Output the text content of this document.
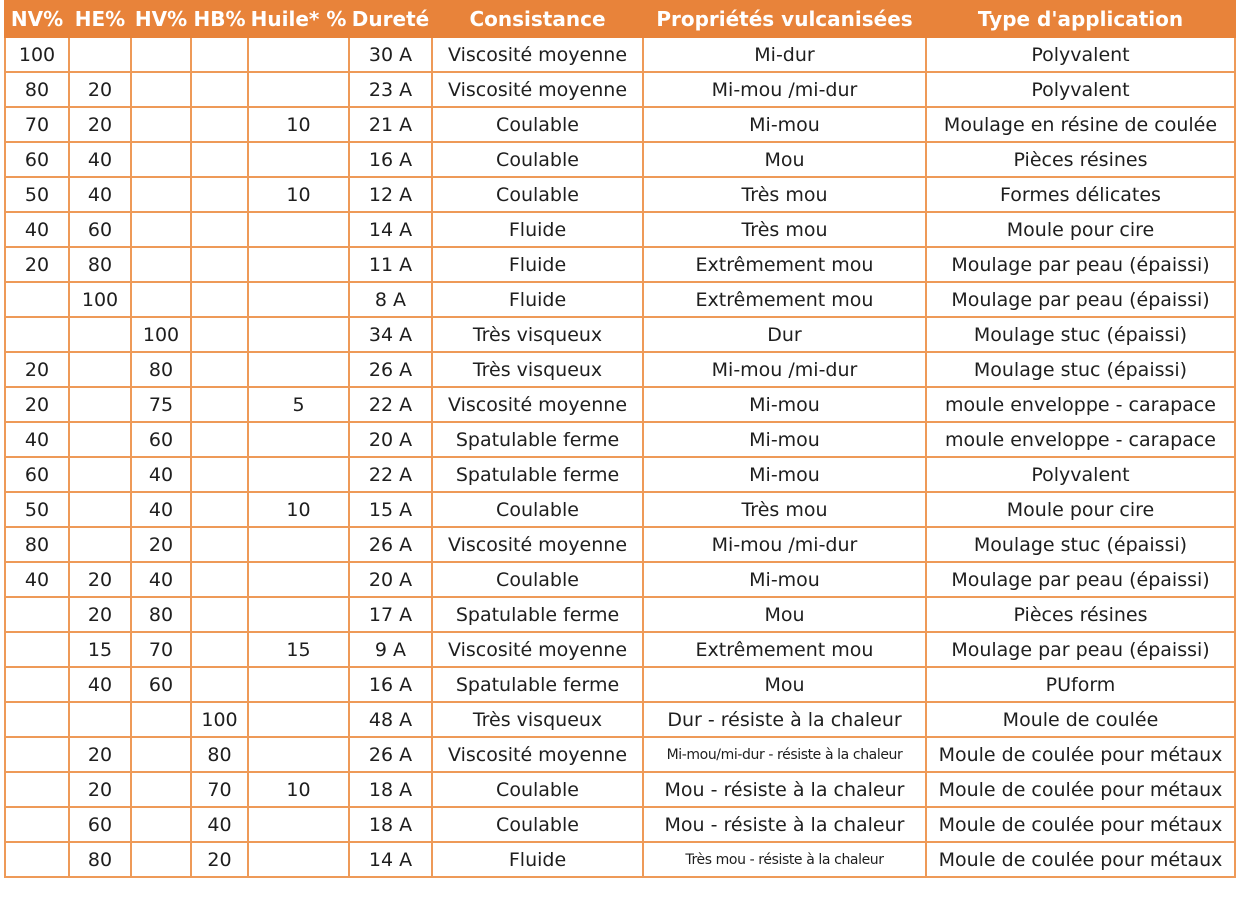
NV%	HE%	HV%	HB%	Huile* %	Dureté	Consistance	Propriétés vulcanisées	Type d'application
100					30 A	Viscosité moyenne	Mi-dur	Polyvalent
80	20				23 A	Viscosité moyenne	Mi-mou /mi-dur	Polyvalent
70	20			10	21 A	Coulable	Mi-mou	Moulage en résine de coulée
60	40				16 A	Coulable	Mou	Pièces résines
50	40			10	12 A	Coulable	Très mou	Formes délicates
40	60				14 A	Fluide	Très mou	Moule pour cire
20	80				11 A	Fluide	Extrêmement mou	Moulage par peau (épaissi)
	100				8 A	Fluide	Extrêmement mou	Moulage par peau (épaissi)
		100			34 A	Très visqueux	Dur	Moulage stuc (épaissi)
20		80			26 A	Très visqueux	Mi-mou /mi-dur	Moulage stuc (épaissi)
20		75		5	22 A	Viscosité moyenne	Mi-mou	moule enveloppe - carapace
40		60			20 A	Spatulable ferme	Mi-mou	moule enveloppe - carapace
60		40			22 A	Spatulable ferme	Mi-mou	Polyvalent
50		40		10	15 A	Coulable	Très mou	Moule pour cire
80		20			26 A	Viscosité moyenne	Mi-mou /mi-dur	Moulage stuc (épaissi)
40	20	40			20 A	Coulable	Mi-mou	Moulage par peau (épaissi)
	20	80			17 A	Spatulable ferme	Mou	Pièces résines
	15	70		15	9 A	Viscosité moyenne	Extrêmement mou	Moulage par peau (épaissi)
	40	60			16 A	Spatulable ferme	Mou	PUform
			100		48 A	Très visqueux	Dur - résiste à la chaleur	Moule de coulée
	20		80		26 A	Viscosité moyenne	Mi-mou/mi-dur - résiste à la chaleur	Moule de coulée pour métaux
	20		70	10	18 A	Coulable	Mou - résiste à la chaleur	Moule de coulée pour métaux
	60		40		18 A	Coulable	Mou - résiste à la chaleur	Moule de coulée pour métaux
	80		20		14 A	Fluide	Très mou - résiste à la chaleur	Moule de coulée pour métaux
